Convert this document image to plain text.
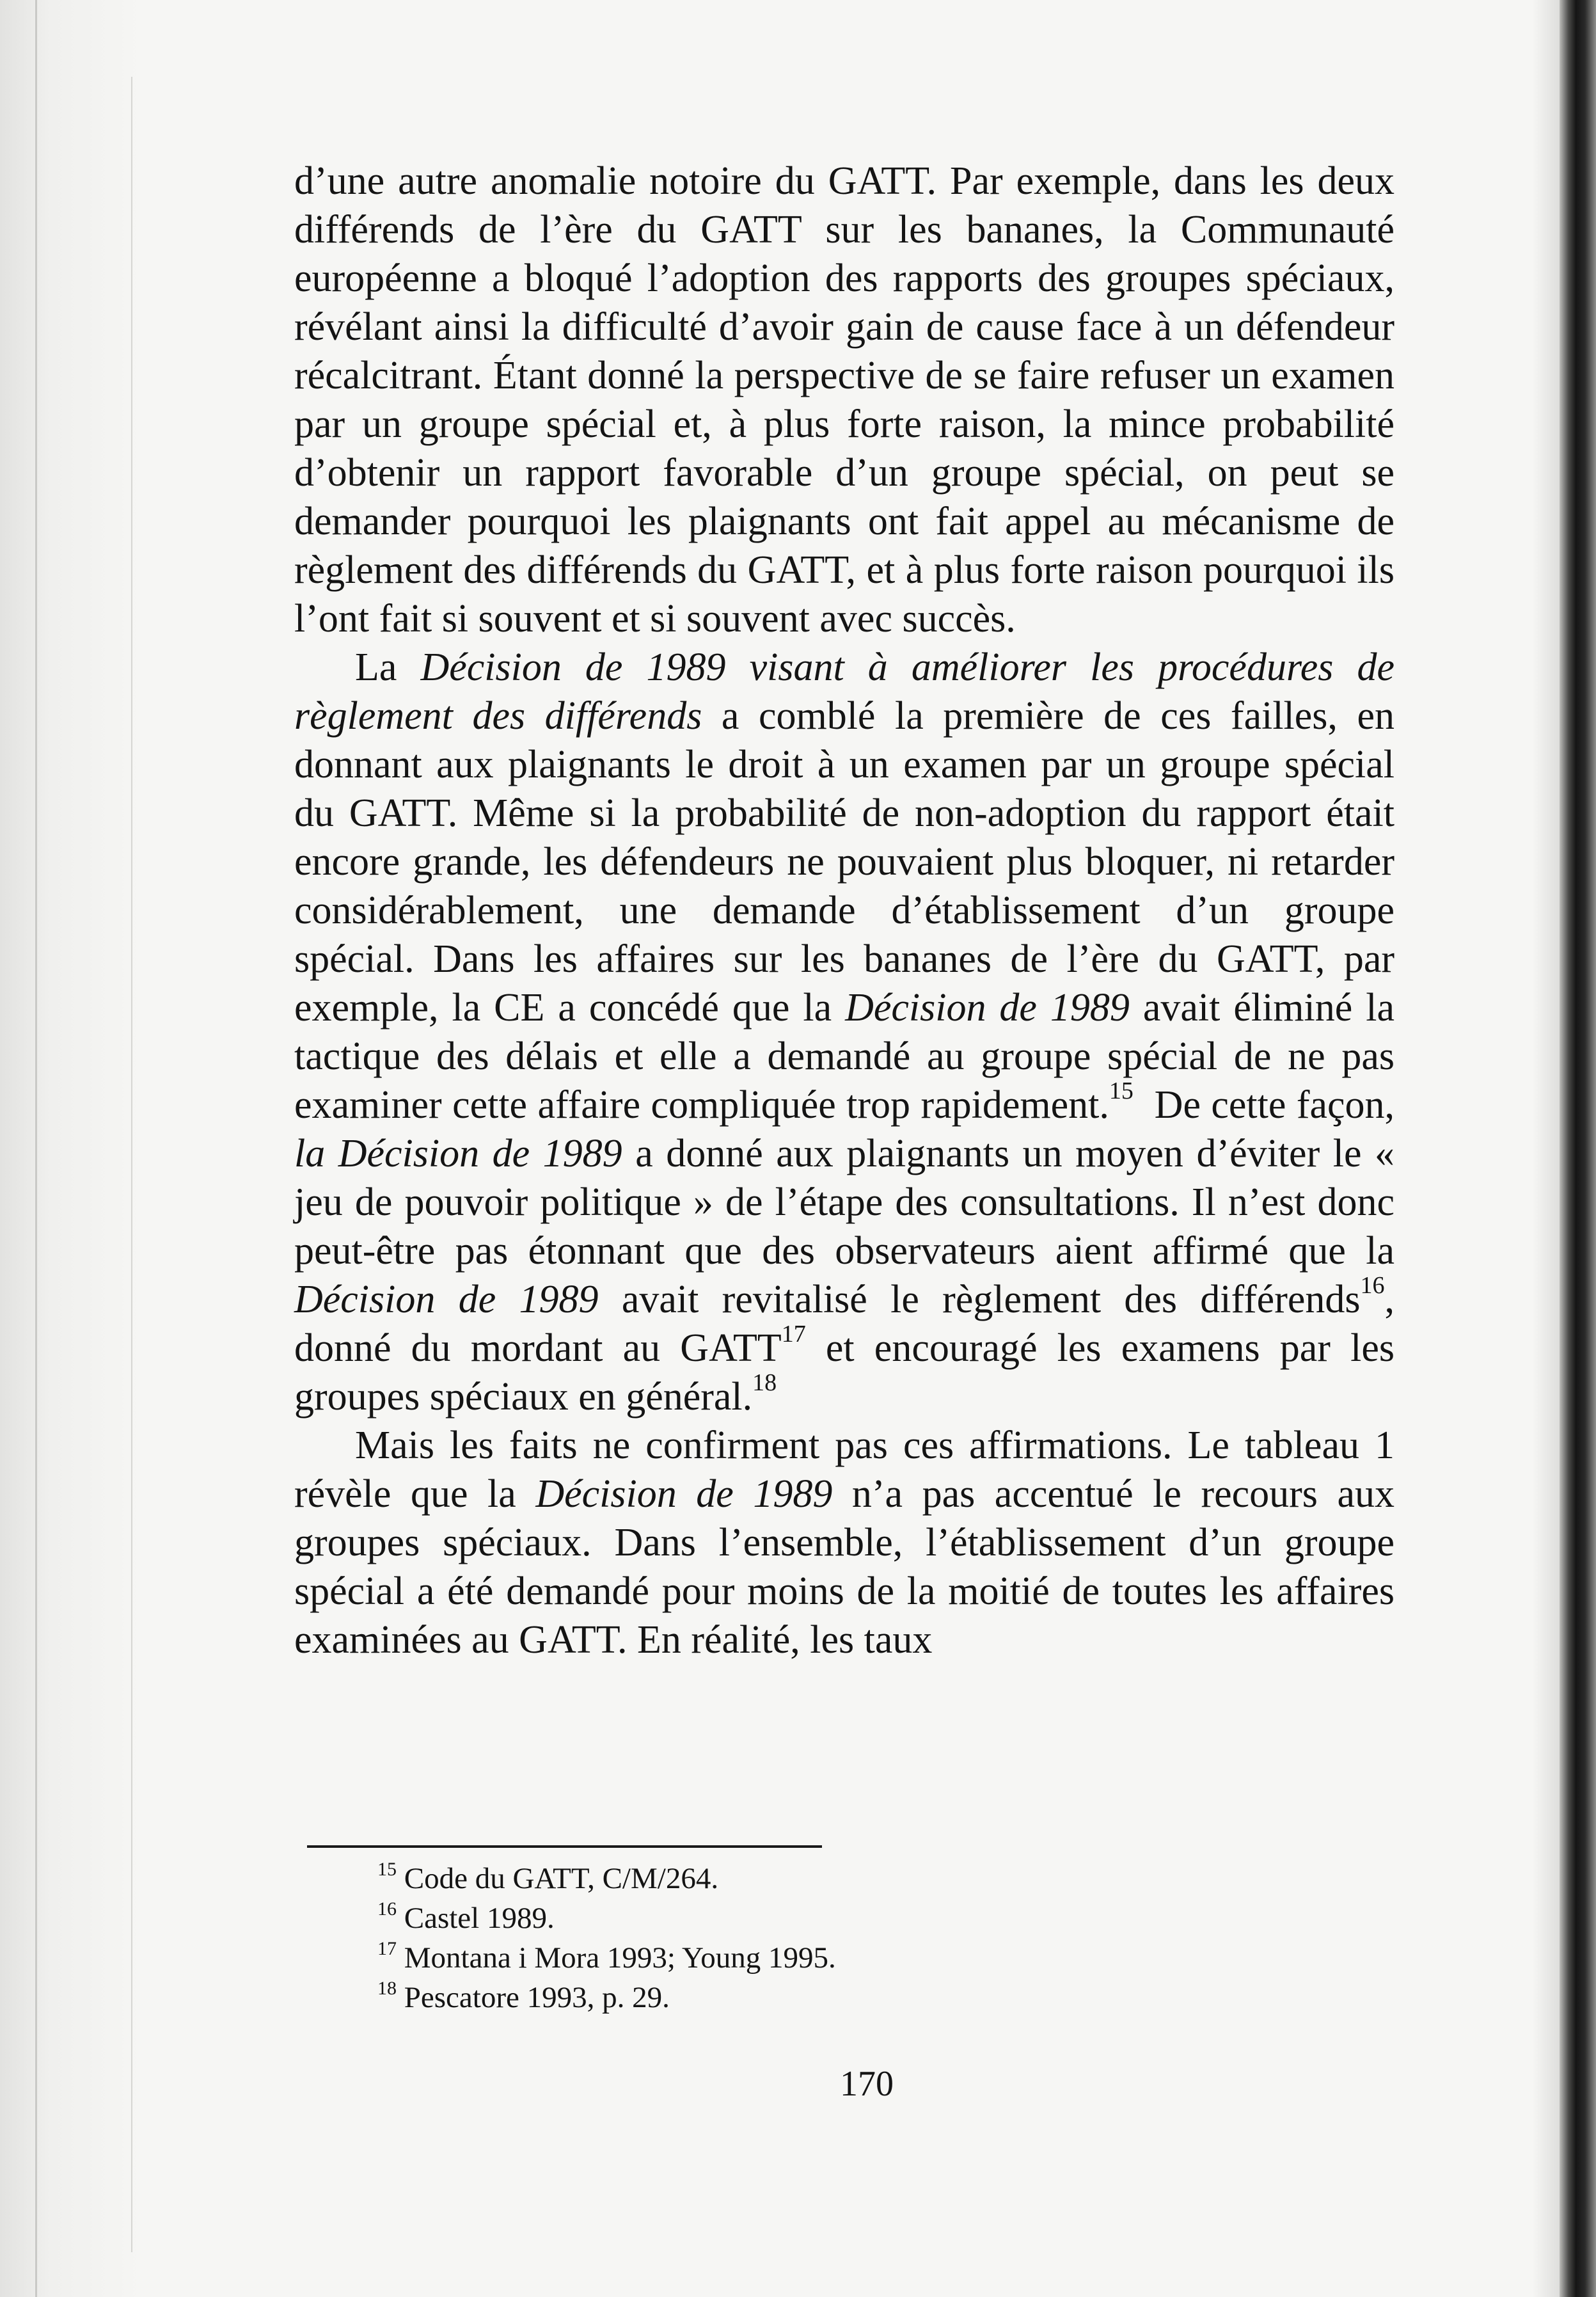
d’une autre anomalie notoire du GATT. Par exemple, dans les deux différends de l’ère du GATT sur les bananes, la Communauté européenne a bloqué l’adoption des rapports des groupes spéciaux, révélant ainsi la difficulté d’avoir gain de cause face à un défendeur récalcitrant. Étant donné la perspective de se faire refuser un examen par un groupe spécial et, à plus forte raison, la mince probabilité d’obtenir un rapport favorable d’un groupe spécial, on peut se demander pourquoi les plaignants ont fait appel au mécanisme de règlement des différends du GATT, et à plus forte raison pourquoi ils l’ont fait si souvent et si souvent avec succès.

La Décision de 1989 visant à améliorer les procédures de règlement des différends a comblé la première de ces failles, en donnant aux plaignants le droit à un examen par un groupe spécial du GATT. Même si la probabilité de non-adoption du rapport était encore grande, les défendeurs ne pouvaient plus bloquer, ni retarder considérablement, une demande d’établissement d’un groupe spécial. Dans les affaires sur les bananes de l’ère du GATT, par exemple, la CE a concédé que la Décision de 1989 avait éliminé la tactique des délais et elle a demandé au groupe spécial de ne pas examiner cette affaire compliquée trop rapidement.$^{15}$  De cette façon, la Décision de 1989 a donné aux plaignants un moyen d’éviter le « jeu de pouvoir politique » de l’étape des consultations. Il n’est donc peut-être pas étonnant que des observateurs aient affirmé que la Décision de 1989 avait revitalisé le règlement des différends$^{16}$, donné du mordant au GATT$^{17}$ et encouragé les examens par les groupes spéciaux en général.$^{18}$

Mais les faits ne confirment pas ces affirmations. Le tableau 1 révèle que la Décision de 1989 n’a pas accentué le recours aux groupes spéciaux. Dans l’ensemble, l’établissement d’un groupe spécial a été demandé pour moins de la moitié de toutes les affaires examinées au GATT. En réalité, les taux

$^{15}$ Code du GATT, C/M/264.

$^{16}$ Castel 1989.

$^{17}$ Montana i Mora 1993; Young 1995.

$^{18}$ Pescatore 1993, p. 29.

170
